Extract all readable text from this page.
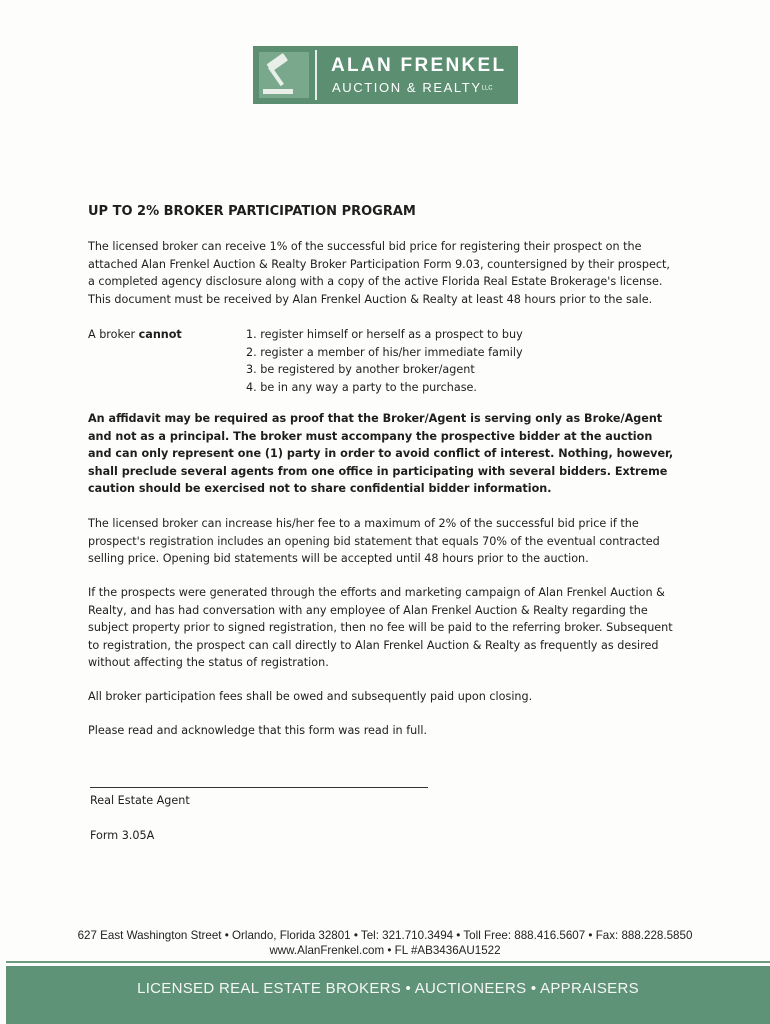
ALAN FRENKEL
AUCTION & REALTYLLC
UP TO 2% BROKER PARTICIPATION PROGRAM

The licensed broker can receive 1% of the successful bid price for registering their prospect on the attached Alan Frenkel Auction & Realty Broker Participation Form 9.03, countersigned by their prospect, a completed agency disclosure along with a copy of the active Florida Real Estate Brokerage's license. This document must be received by Alan Frenkel Auction & Realty at least 48 hours prior to the sale.

A broker cannot	1. register himself or herself as a prospect to buy
2. register a member of his/her immediate family
3. be registered by another broker/agent
4. be in any way a party to the purchase.

An affidavit may be required as proof that the Broker/Agent is serving only as Broke/Agent and not as a principal. The broker must accompany the prospective bidder at the auction and can only represent one (1) party in order to avoid conflict of interest. Nothing, however, shall preclude several agents from one office in participating with several bidders. Extreme caution should be exercised not to share confidential bidder information.

The licensed broker can increase his/her fee to a maximum of 2% of the successful bid price if the prospect's registration includes an opening bid statement that equals 70% of the eventual contracted selling price. Opening bid statements will be accepted until 48 hours prior to the auction.

If the prospects were generated through the efforts and marketing campaign of Alan Frenkel Auction & Realty, and has had conversation with any employee of Alan Frenkel Auction & Realty regarding the subject property prior to signed registration, then no fee will be paid to the referring broker. Subsequent to registration, the prospect can call directly to Alan Frenkel Auction & Realty as frequently as desired without affecting the status of registration.

All broker participation fees shall be owed and subsequently paid upon closing.

Please read and acknowledge that this form was read in full.

Real Estate Agent
Form 3.05A
627 East Washington Street • Orlando, Florida 32801 • Tel: 321.710.3494 • Toll Free: 888.416.5607 • Fax: 888.228.5850
www.AlanFrenkel.com • FL #AB3436AU1522
LICENSED REAL ESTATE BROKERS • AUCTIONEERS • APPRAISERS
